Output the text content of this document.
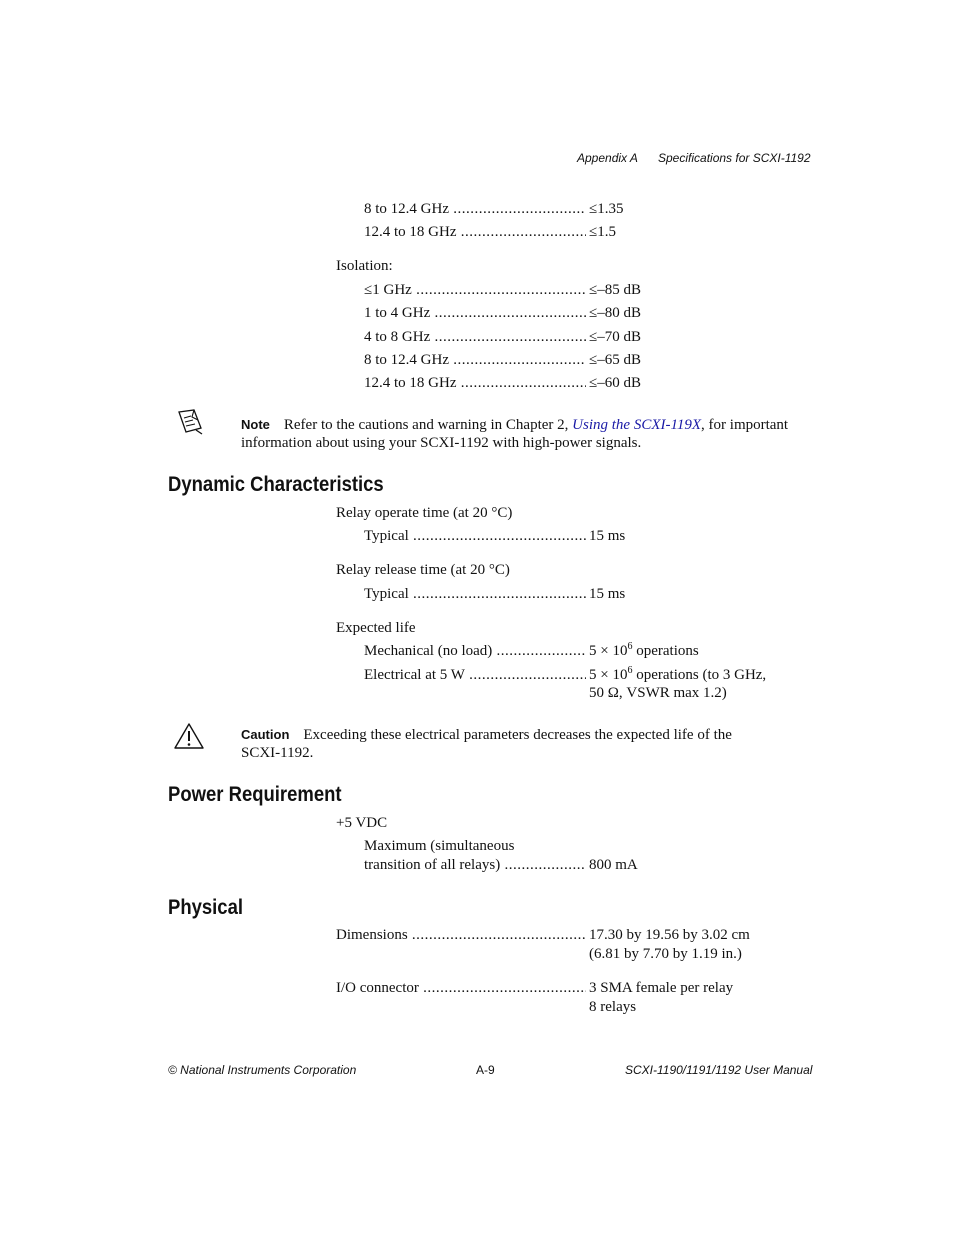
Appendix A Specifications for SCXI-1192
8 to 12.4 GHz .....	≤1.35
12.4 to 18 GHz .....	≤1.5
Isolation:
≤1 GHz .....	≤–85 dB
1 to 4 GHz .....	≤–80 dB
4 to 8 GHz .....	≤–70 dB
8 to 12.4 GHz .....	≤–65 dB
12.4 to 18 GHz .....	≤–60 dB
Note Refer to the cautions and warning in Chapter 2, Using the SCXI-119X, for important
information about using your SCXI-1192 with high-power signals.
Dynamic Characteristics
Relay operate time (at 20 °C)
Typical .....	15 ms
Relay release time (at 20 °C)
Typical .....	15 ms
Expected life
Mechanical (no load) .....	$5 \times 10^6$ operations
Electrical at 5 W .....	$5 \times 10^6$ operations (to 3 GHz,
50 Ω, VSWR max 1.2)
Caution Exceeding these electrical parameters decreases the expected life of the
SCXI-1192.
Power Requirement
+5 VDC
Maximum (simultaneous
transition of all relays) .....	800 mA
Physical
Dimensions .....	17.30 by 19.56 by 3.02 cm
(6.81 by 7.70 by 1.19 in.)
I/O connector .....	3 SMA female per relay
8 relays
© National Instruments Corporation	A-9	SCXI-1190/1191/1192 User Manual
